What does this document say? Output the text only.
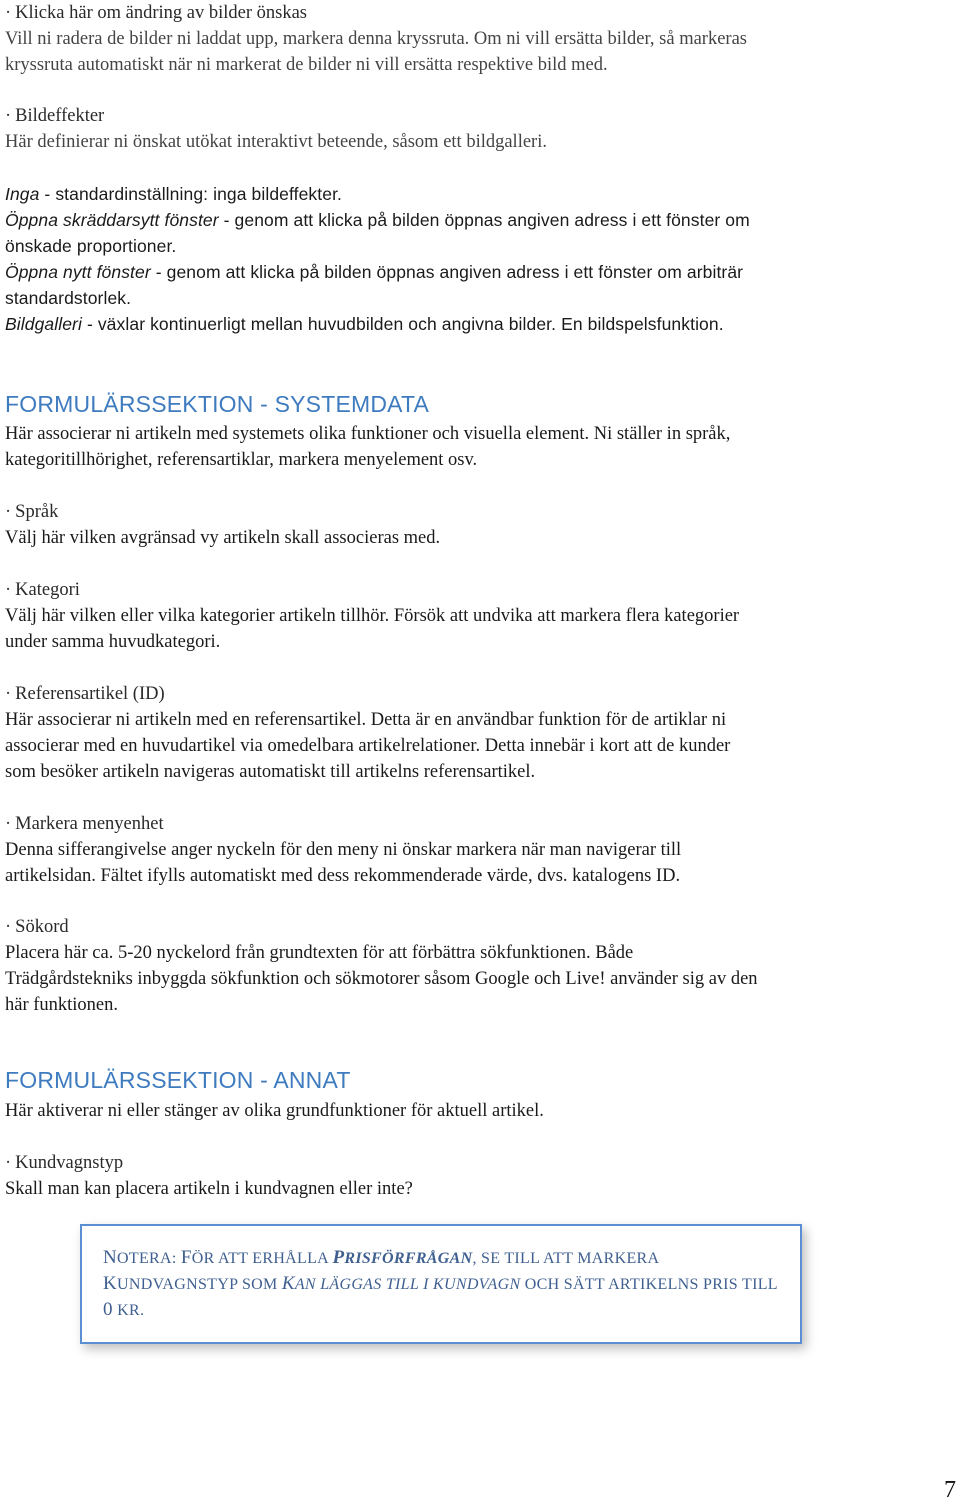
· Klicka här om ändring av bilder önskas
Vill ni radera de bilder ni laddat upp, markera denna kryssruta. Om ni vill ersätta bilder, så markeras
kryssruta automatiskt när ni markerat de bilder ni vill ersätta respektive bild med.
· Bildeffekter
Här definierar ni önskat utökat interaktivt beteende, såsom ett bildgalleri.
Inga - standardinställning: inga bildeffekter.
Öppna skräddarsytt fönster - genom att klicka på bilden öppnas angiven adress i ett fönster om
önskade proportioner.
Öppna nytt fönster - genom att klicka på bilden öppnas angiven adress i ett fönster om arbiträr
standardstorlek.
Bildgalleri - växlar kontinuerligt mellan huvudbilden och angivna bilder. En bildspelsfunktion.
FORMULÄRSSEKTION - SYSTEMDATA
Här associerar ni artikeln med systemets olika funktioner och visuella element. Ni ställer in språk,
kategoritillhörighet, referensartiklar, markera menyelement osv.
· Språk
Välj här vilken avgränsad vy artikeln skall associeras med.
· Kategori
Välj här vilken eller vilka kategorier artikeln tillhör. Försök att undvika att markera flera kategorier
under samma huvudkategori.
· Referensartikel (ID)
Här associerar ni artikeln med en referensartikel. Detta är en användbar funktion för de artiklar ni
associerar med en huvudartikel via omedelbara artikelrelationer. Detta innebär i kort att de kunder
som besöker artikeln navigeras automatiskt till artikelns referensartikel.
· Markera menyenhet
Denna sifferangivelse anger nyckeln för den meny ni önskar markera när man navigerar till
artikelsidan. Fältet ifylls automatiskt med dess rekommenderade värde, dvs. katalogens ID.
· Sökord
Placera här ca. 5-20 nyckelord från grundtexten för att förbättra sökfunktionen. Både
Trädgårdstekniks inbyggda sökfunktion och sökmotorer såsom Google och Live! använder sig av den
här funktionen.
FORMULÄRSSEKTION - ANNAT
Här aktiverar ni eller stänger av olika grundfunktioner för aktuell artikel.
· Kundvagnstyp
Skall man kan placera artikeln i kundvagnen eller inte?
NOTERA: FÖR ATT ERHÅLLA PRISFÖRFRÅGAN, SE TILL ATT MARKERA
KUNDVAGNSTYP SOM KAN LÄGGAS TILL I KUNDVAGN OCH SÄTT ARTIKELNS PRIS TILL
0 KR.
7
